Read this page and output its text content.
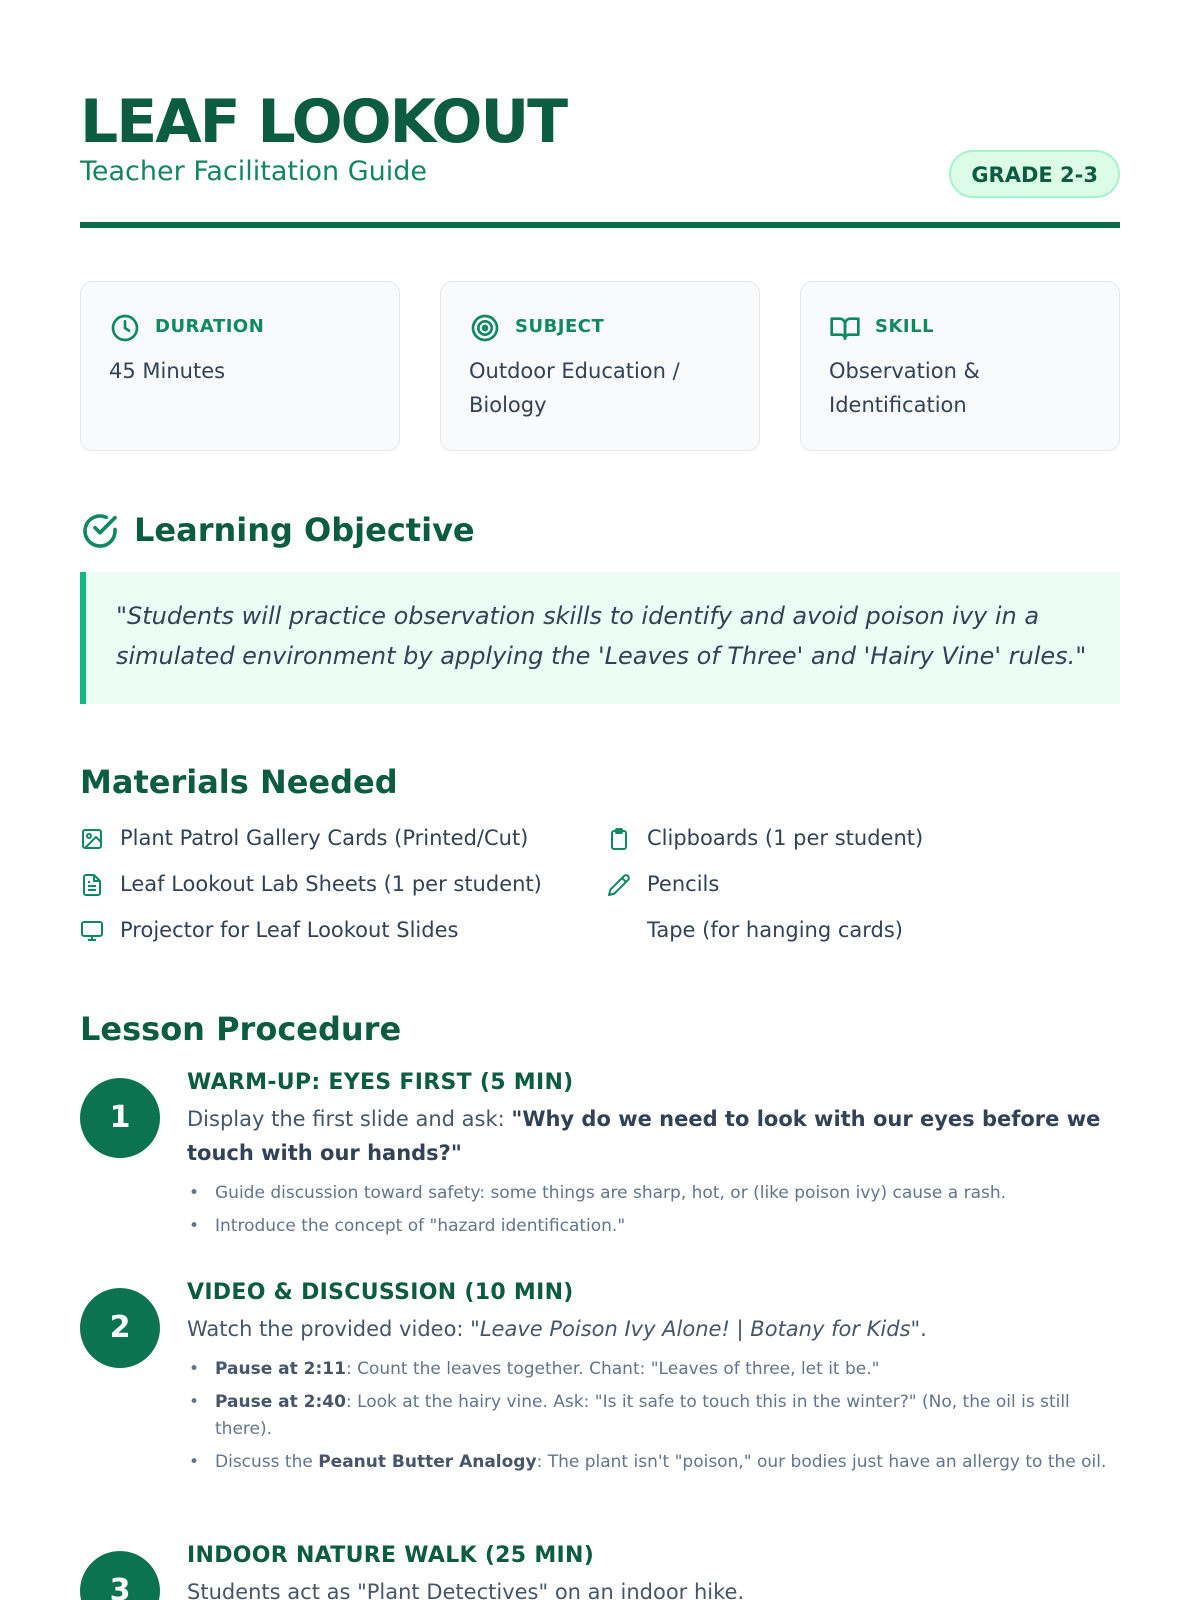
LEAF LOOKOUT
Teacher Facilitation Guide	GRADE 2-3
DURATION
45 Minutes
SUBJECT
Outdoor Education / Biology
SKILL
Observation & Identification
Learning Objective
"Students will practice observation skills to identify and avoid poison ivy in a simulated environment by applying the 'Leaves of Three' and 'Hairy Vine' rules."
Materials Needed
Plant Patrol Gallery Cards (Printed/Cut)
Leaf Lookout Lab Sheets (1 per student)
Projector for Leaf Lookout Slides
Clipboards (1 per student)
Pencils
Tape (for hanging cards)
Lesson Procedure
1
WARM-UP: EYES FIRST (5 MIN)

Display the first slide and ask: "Why do we need to look with our eyes before we touch with our hands?"

• Guide discussion toward safety: some things are sharp, hot, or (like poison ivy) cause a rash.
• Introduce the concept of "hazard identification."
2
VIDEO & DISCUSSION (10 MIN)

Watch the provided video: "Leave Poison Ivy Alone! | Botany for Kids".

• Pause at 2:11: Count the leaves together. Chant: "Leaves of three, let it be."
• Pause at 2:40: Look at the hairy vine. Ask: "Is it safe to touch this in the winter?" (No, the oil is still there).
• Discuss the Peanut Butter Analogy: The plant isn't "poison," our bodies just have an allergy to the oil.
3
INDOOR NATURE WALK (25 MIN)

Students act as "Plant Detectives" on an indoor hike.
